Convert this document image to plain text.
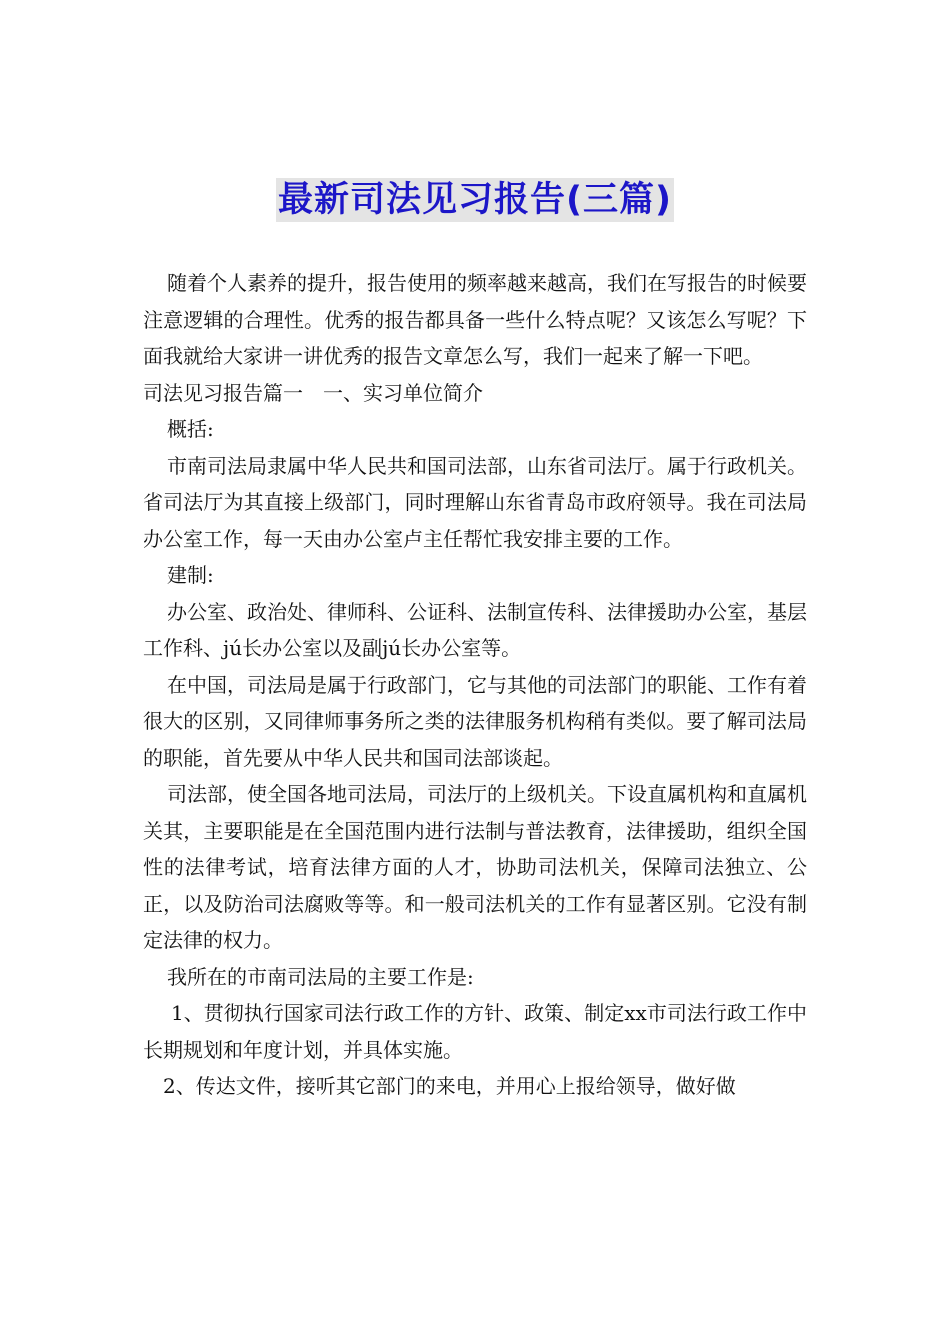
最新司法见习报告(三篇)

随着个人素养的提升，报告使用的频率越来越高，我们在写报告的时候要注意逻辑的合理性。优秀的报告都具备一些什么特点呢？又该怎么写呢？下面我就给大家讲一讲优秀的报告文章怎么写，我们一起来了解一下吧。

司法见习报告篇一　一、实习单位简介

概括:

市南司法局隶属中华人民共和国司法部，山东省司法厅。属于行政机关。省司法厅为其直接上级部门，同时理解山东省青岛市政府领导。我在司法局办公室工作，每一天由办公室卢主任帮忙我安排主要的工作。

建制:

办公室、政治处、律师科、公证科、法制宣传科、法律援助办公室，基层工作科、jú长办公室以及副jú长办公室等。

在中国，司法局是属于行政部门，它与其他的司法部门的职能、工作有着很大的区别，又同律师事务所之类的法律服务机构稍有类似。要了解司法局的职能，首先要从中华人民共和国司法部谈起。

司法部，使全国各地司法局，司法厅的上级机关。下设直属机构和直属机关其，主要职能是在全国范围内进行法制与普法教育，法律援助，组织全国性的法律考试，培育法律方面的人才，协助司法机关，保障司法独立、公正，以及防治司法腐败等等。和一般司法机关的工作有显著区别。它没有制定法律的权力。

我所在的市南司法局的主要工作是:

1、贯彻执行国家司法行政工作的方针、政策、制定xx市司法行政工作中长期规划和年度计划，并具体实施。

2、传达文件，接听其它部门的来电，并用心上报给领导，做好做
